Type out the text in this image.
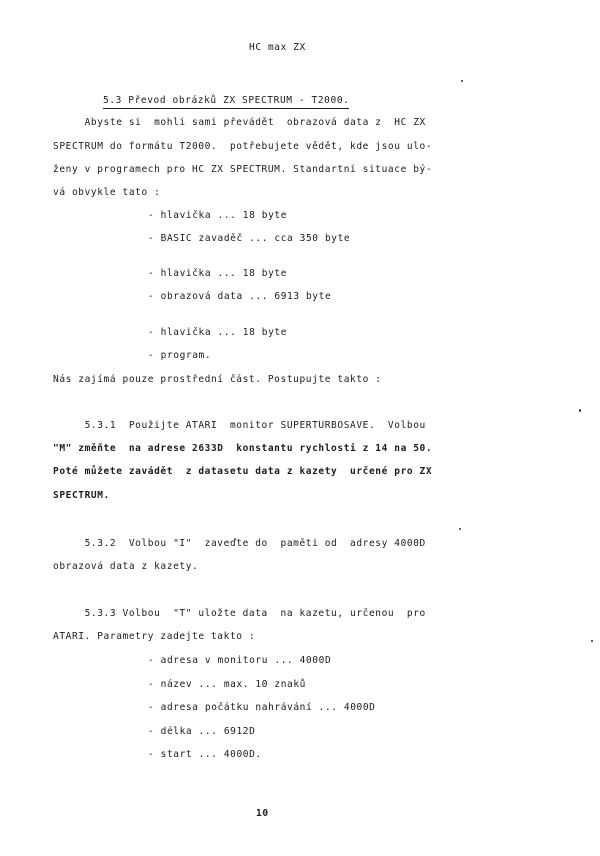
HC max ZX
5.3 Převod obrázků ZX SPECTRUM - T2000.
Abyste si  mohli sami převádět  obrazová data z  HC ZX
SPECTRUM do formátu T2000.  potřebujete vědět, kde jsou ulo-
ženy v programech pro HC ZX SPECTRUM. Standartní situace bý-
vá obvykle tato :
- hlavička ... 18 byte
- BASIC zavaděč ... cca 350 byte
- hlavička ... 18 byte
- obrazová data ... 6913 byte
- hlavička ... 18 byte
- program.
Nás zajímá pouze prostřední část. Postupujte takto :
5.3.1  Použijte ATARI  monitor SUPERTURBOSAVE.  Volbou
"M" změňte  na adrese 2633D  konstantu rychlosti z 14 na 50.
Poté můžete zavádět  z datasetu data z kazety  určené pro ZX
SPECTRUM.
5.3.2  Volbou "I"  zaveďte do  paměti od  adresy 4000D
obrazová data z kazety.
5.3.3 Volbou  "T" uložte data  na kazetu, určenou  pro
ATARI. Parametry zadejte takto :
- adresa v monitoru ... 4000D
- název ... max. 10 znaků
- adresa počátku nahrávání ... 4000D
- délka ... 6912D
- start ... 4000D.
10
